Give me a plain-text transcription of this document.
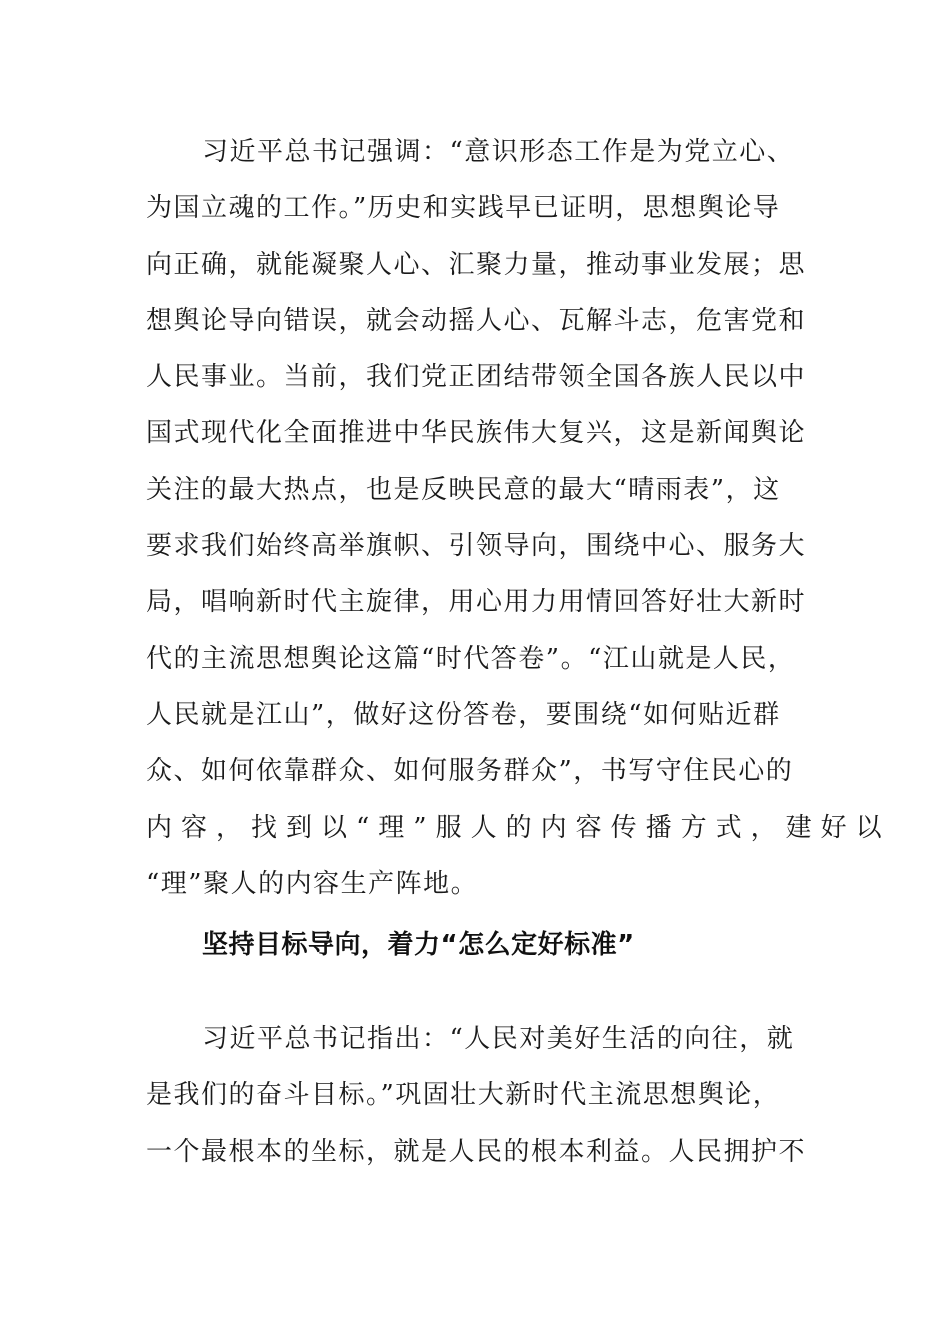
习近平总书记强调：“意识形态工作是为党立心、
为国立魂的工作。”历史和实践早已证明，思想舆论导
向正确，就能凝聚人心、汇聚力量，推动事业发展；思
想舆论导向错误，就会动摇人心、瓦解斗志，危害党和
人民事业。当前，我们党正团结带领全国各族人民以中
国式现代化全面推进中华民族伟大复兴，这是新闻舆论
关注的最大热点，也是反映民意的最大“晴雨表”，这
要求我们始终高举旗帜、引领导向，围绕中心、服务大
局，唱响新时代主旋律，用心用力用情回答好壮大新时
代的主流思想舆论这篇“时代答卷”。“江山就是人民，
人民就是江山”，做好这份答卷，要围绕“如何贴近群
众、如何依靠群众、如何服务群众”，书写守住民心的
内容，找到以“理”服人的内容传播方式，建好以
“理”聚人的内容生产阵地。
坚持目标导向，着力“怎么定好标准”
习近平总书记指出：“人民对美好生活的向往，就
是我们的奋斗目标。”巩固壮大新时代主流思想舆论，
一个最根本的坐标，就是人民的根本利益。人民拥护不
